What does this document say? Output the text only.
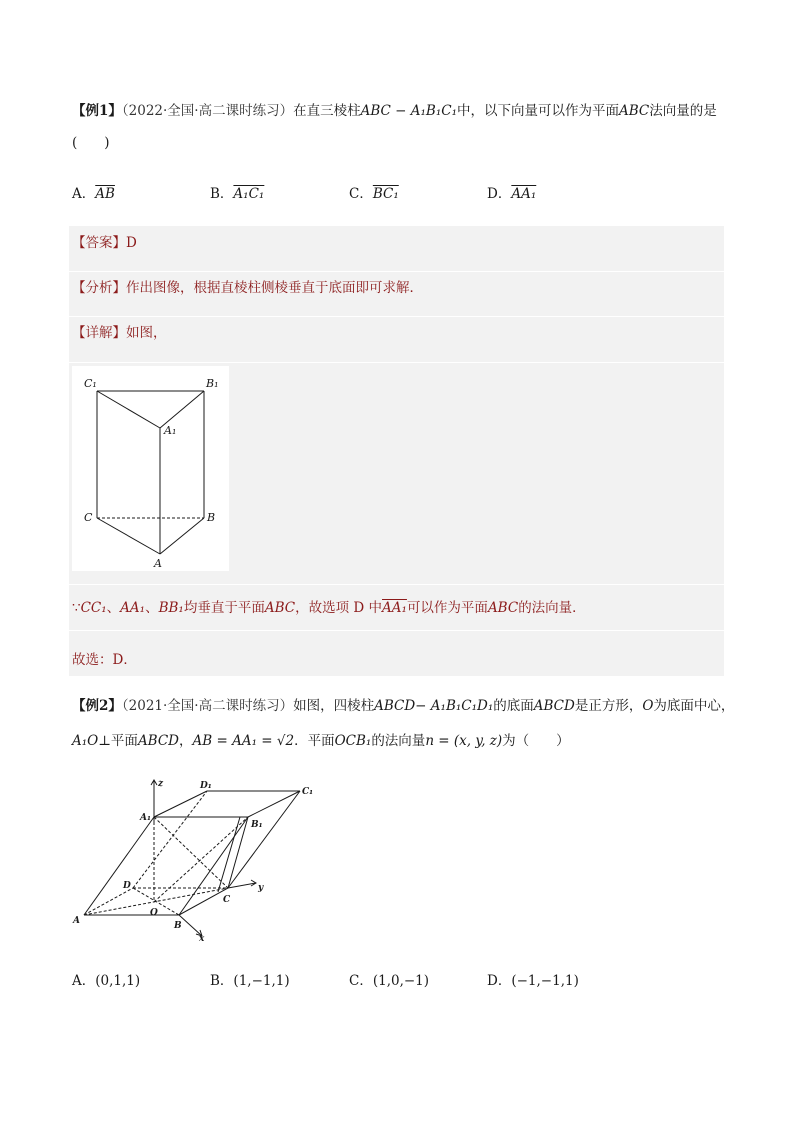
【例1】（2022·全国·高二课时练习）在直三棱柱ABC − A₁B₁C₁中，以下向量可以作为平面ABC法向量的是
(　　)
A．$\overline{AB}$	B．A₁C₁	C．BC₁	D．AA₁
【答案】D
【分析】作出图像，根据直棱柱侧棱垂直于底面即可求解．
【详解】如图，
C₁	B₁
A₁
C	B
A
∵CC₁、AA₁、BB₁均垂直于平面ABC，故选项 D 中AA₁可以作为平面ABC的法向量．
故选：D．
【例2】（2021·全国·高二课时练习）如图，四棱柱ABCD− A₁B₁C₁D₁的底面ABCD是正方形，O为底面中心，
A₁O⊥平面ABCD，AB = AA₁ = √2．平面OCB₁的法向量n = (x, y, z)为（　　）
z	D₁
C₁
A₁
B₁
D	y
C
O
A	B
x
A．(0,1,1)	B．(1,−1,1)	C．(1,0,−1)	D．(−1,−1,1)
